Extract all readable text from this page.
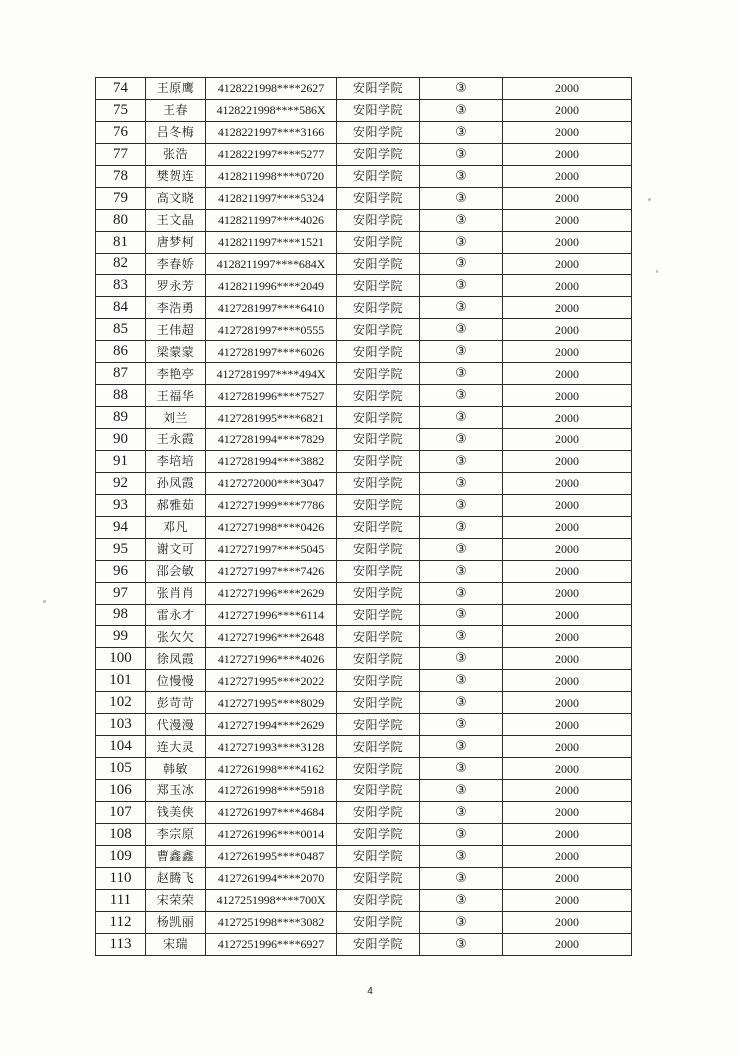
74	王原鹰	4128221998****2627	安阳学院	③	2000
75	王春	4128221998****586X	安阳学院	③	2000
76	吕冬梅	4128221997****3166	安阳学院	③	2000
77	张浩	4128221997****5277	安阳学院	③	2000
78	樊贺连	4128211998****0720	安阳学院	③	2000
79	高文晓	4128211997****5324	安阳学院	③	2000
80	王文晶	4128211997****4026	安阳学院	③	2000
81	唐梦柯	4128211997****1521	安阳学院	③	2000
82	李春娇	4128211997****684X	安阳学院	③	2000
83	罗永芳	4128211996****2049	安阳学院	③	2000
84	李浩勇	4127281997****6410	安阳学院	③	2000
85	王伟超	4127281997****0555	安阳学院	③	2000
86	梁蒙蒙	4127281997****6026	安阳学院	③	2000
87	李艳亭	4127281997****494X	安阳学院	③	2000
88	王福华	4127281996****7527	安阳学院	③	2000
89	刘兰	4127281995****6821	安阳学院	③	2000
90	王永霞	4127281994****7829	安阳学院	③	2000
91	李培培	4127281994****3882	安阳学院	③	2000
92	孙凤霞	4127272000****3047	安阳学院	③	2000
93	郝雅茹	4127271999****7786	安阳学院	③	2000
94	邓凡	4127271998****0426	安阳学院	③	2000
95	谢文可	4127271997****5045	安阳学院	③	2000
96	邵会敏	4127271997****7426	安阳学院	③	2000
97	张肖肖	4127271996****2629	安阳学院	③	2000
98	雷永才	4127271996****6114	安阳学院	③	2000
99	张欠欠	4127271996****2648	安阳学院	③	2000
100	徐凤霞	4127271996****4026	安阳学院	③	2000
101	位慢慢	4127271995****2022	安阳学院	③	2000
102	彭苛苛	4127271995****8029	安阳学院	③	2000
103	代漫漫	4127271994****2629	安阳学院	③	2000
104	连大灵	4127271993****3128	安阳学院	③	2000
105	韩敏	4127261998****4162	安阳学院	③	2000
106	郑玉冰	4127261998****5918	安阳学院	③	2000
107	钱美侠	4127261997****4684	安阳学院	③	2000
108	李宗原	4127261996****0014	安阳学院	③	2000
109	曹鑫鑫	4127261995****0487	安阳学院	③	2000
110	赵腾飞	4127261994****2070	安阳学院	③	2000
111	宋荣荣	4127251998****700X	安阳学院	③	2000
112	杨凯丽	4127251998****3082	安阳学院	③	2000
113	宋瑞	4127251996****6927	安阳学院	③	2000
4
